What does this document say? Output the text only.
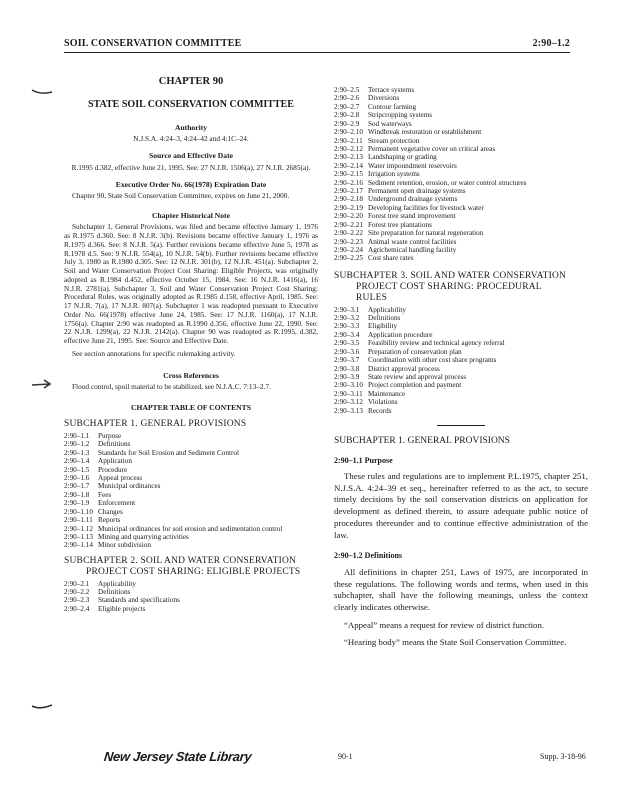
SOIL CONSERVATION COMMITTEE	2:90–1.2
CHAPTER 90
STATE SOIL CONSERVATION COMMITTEE
Authority

N.J.S.A. 4:24–3, 4:24–42 and 4:1C–24.

Source and Effective Date

R.1995 d.382, effective June 21, 1995. See: 27 N.J.R. 1506(a), 27 N.J.R. 2685(a).

Executive Order No. 66(1978) Expiration Date

Chapter 90, State Soil Conservation Committee, expires on June 21, 2000.

Chapter Historical Note

Subchapter 1, General Provisions, was filed and became effective January 1, 1976 as R.1975 d.360. See: 8 N.J.R. 3(b). Revisions became effective January 1, 1976 as R.1975 d.366. See: 8 N.J.R. 5(a). Further revisions became effective June 5, 1978 as R.1978 d.5. See: 9 N.J.R. 554(a), 10 N.J.R. 54(b). Further revisions became effective July 3, 1980 as R.1980 d.305. See: 12 N.J.R. 301(b), 12 N.J.R. 451(a). Subchapter 2, Soil and Water Conservation Project Cost Sharing: Eligible Projects, was originally adopted as R.1984 d.452, effective October 15, 1984. See: 16 N.J.R. 1416(a), 16 N.J.R. 2781(a). Subchapter 3, Soil and Water Conservation Project Cost Sharing: Procedural Rules, was originally adopted as R.1985 d.158, effective April, 1985. See: 17 N.J.R. 7(a), 17 N.J.R. 807(a). Subchapter 1 was readopted pursuant to Executive Order No. 66(1978) effective June 24, 1985. See: 17 N.J.R. 1160(a), 17 N.J.R. 1756(a). Chapter 2:90 was readopted as R.1990 d.356, effective June 22, 1990. See: 22 N.J.R. 1299(a), 22 N.J.R. 2142(a). Chapter 90 was readopted as R.1995, d.382, effective June 21, 1995. See: Source and Effective Date.

See section annotations for specific rulemaking activity.

Cross References

Flood control, spoil material to be stabilized, see N.J.A.C. 7:13–2.7.

CHAPTER TABLE OF CONTENTS
SUBCHAPTER 1. GENERAL PROVISIONS
2:90–1.1	Purpose
2:90–1.2	Definitions
2:90–1.3	Standards for Soil Erosion and Sediment Control
2:90–1.4	Application
2:90–1.5	Procedure
2:90–1.6	Appeal process
2:90–1.7	Municipal ordinances
2:90–1.8	Fees
2:90–1.9	Enforcement
2:90–1.10 Changes
2:90–1.11 Reports
2:90–1.12 Municipal ordinances for soil erosion and sedimentation control
2:90–1.13 Mining and quarrying activities
2:90–1.14 Minor subdivision
SUBCHAPTER 2. SOIL AND WATER CONSERVATION
PROJECT COST SHARING: ELIGIBLE PROJECTS
2:90–2.1	Applicability
2:90–2.2	Definitions
2:90–2.3	Standards and specifications
2:90–2.4	Eligible projects
2:90–2.5	Terrace systems
2:90–2.6	Diversions
2:90–2.7	Contour farming
2:90–2.8	Stripcropping systems
2:90–2.9	Sod waterways
2:90–2.10 Windbreak restoration or establishment
2:90–2.11 Stream protection
2:90–2.12 Permanent vegetative cover on critical areas
2:90–2.13 Landshaping or grading
2:90–2.14 Water impoundment reservoirs
2:90–2.15 Irrigation systems
2:90–2.16 Sediment retention, erosion, or water control structures
2:90–2.17 Permanent open drainage systems
2:90–2.18 Underground drainage systems
2:90–2.19 Developing facilities for livestock water
2:90–2.20 Forest tree stand improvement
2:90–2.21 Forest tree plantations
2:90–2.22 Site preparation for natural regeneration
2:90–2.23 Animal waste control facilities
2:90–2.24 Agrichemical handling facility
2:90–2.25 Cost share rates
SUBCHAPTER 3. SOIL AND WATER CONSERVATION
PROJECT COST SHARING: PROCEDURAL
RULES
2:90–3.1	Applicability
2:90–3.2	Definitions
2:90–3.3	Eligibility
2:90–3.4	Application procedure
2:90–3.5	Feasibility review and technical agency referral
2:90–3.6	Preparation of conservation plan
2:90–3.7	Coordination with other cost share programs
2:90–3.8	District approval process
2:90–3.9	State review and approval process
2:90–3.10 Project completion and payment
2:90–3.11 Maintenance
2:90–3.12 Violations
2:90–3.13 Records
SUBCHAPTER 1. GENERAL PROVISIONS
2:90–1.1 Purpose

These rules and regulations are to implement P.L.1975, chapter 251, N.J.S.A. 4:24–39 et seq., hereinafter referred to as the act, to secure timely decisions by the soil conservation districts on application for development as defined therein, to assure adequate public notice of procedures thereunder and to continue effective administration of the law.

2:90–1.2 Definitions

All definitions in chapter 251, Laws of 1975, are incorporated in these regulations. The following words and terms, when used in this subchapter, shall have the following meanings, unless the context clearly indicates otherwise.

“Appeal” means a request for review of district function.

“Hearing body” means the State Soil Conservation Committee.

New Jersey State Library	90-1	Supp. 3-18-96
